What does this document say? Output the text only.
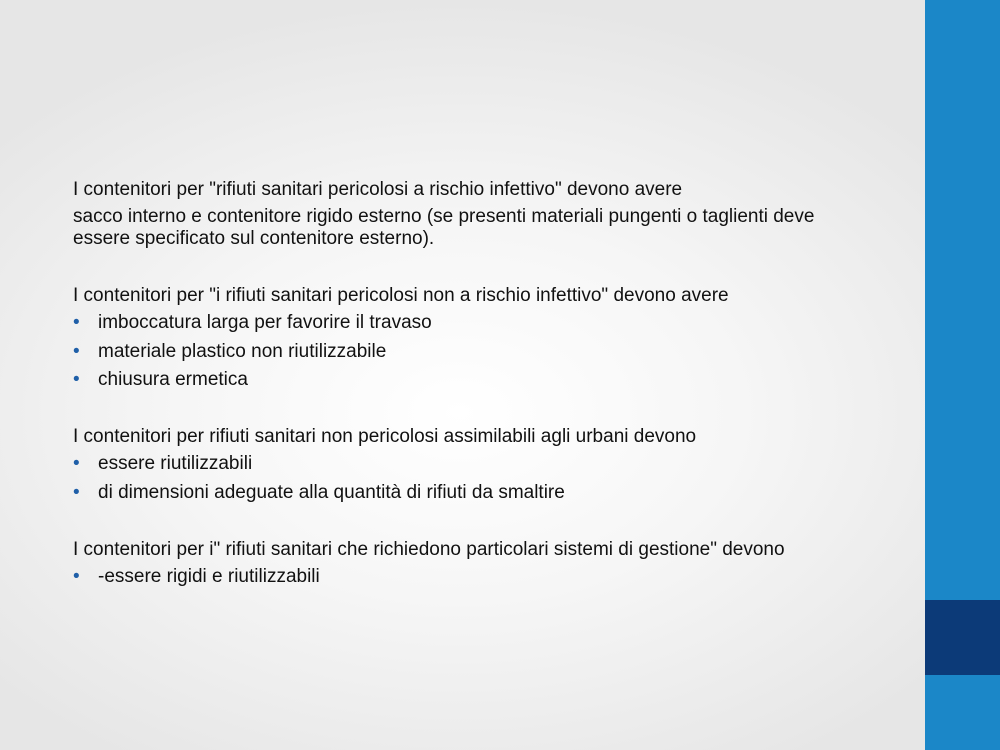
I contenitori per "rifiuti sanitari pericolosi a rischio infettivo" devono avere

sacco interno e contenitore rigido esterno (se presenti materiali pungenti o taglienti deve essere specificato sul contenitore esterno).

I contenitori per "i rifiuti sanitari pericolosi non a rischio infettivo" devono avere

• imboccatura larga per favorire il travaso
• materiale plastico non riutilizzabile
• chiusura ermetica

I contenitori per rifiuti sanitari non pericolosi assimilabili agli urbani devono

• essere riutilizzabili
• di dimensioni adeguate alla quantità di rifiuti da smaltire

I contenitori per i" rifiuti sanitari che richiedono particolari sistemi di gestione" devono

• -essere rigidi e riutilizzabili
